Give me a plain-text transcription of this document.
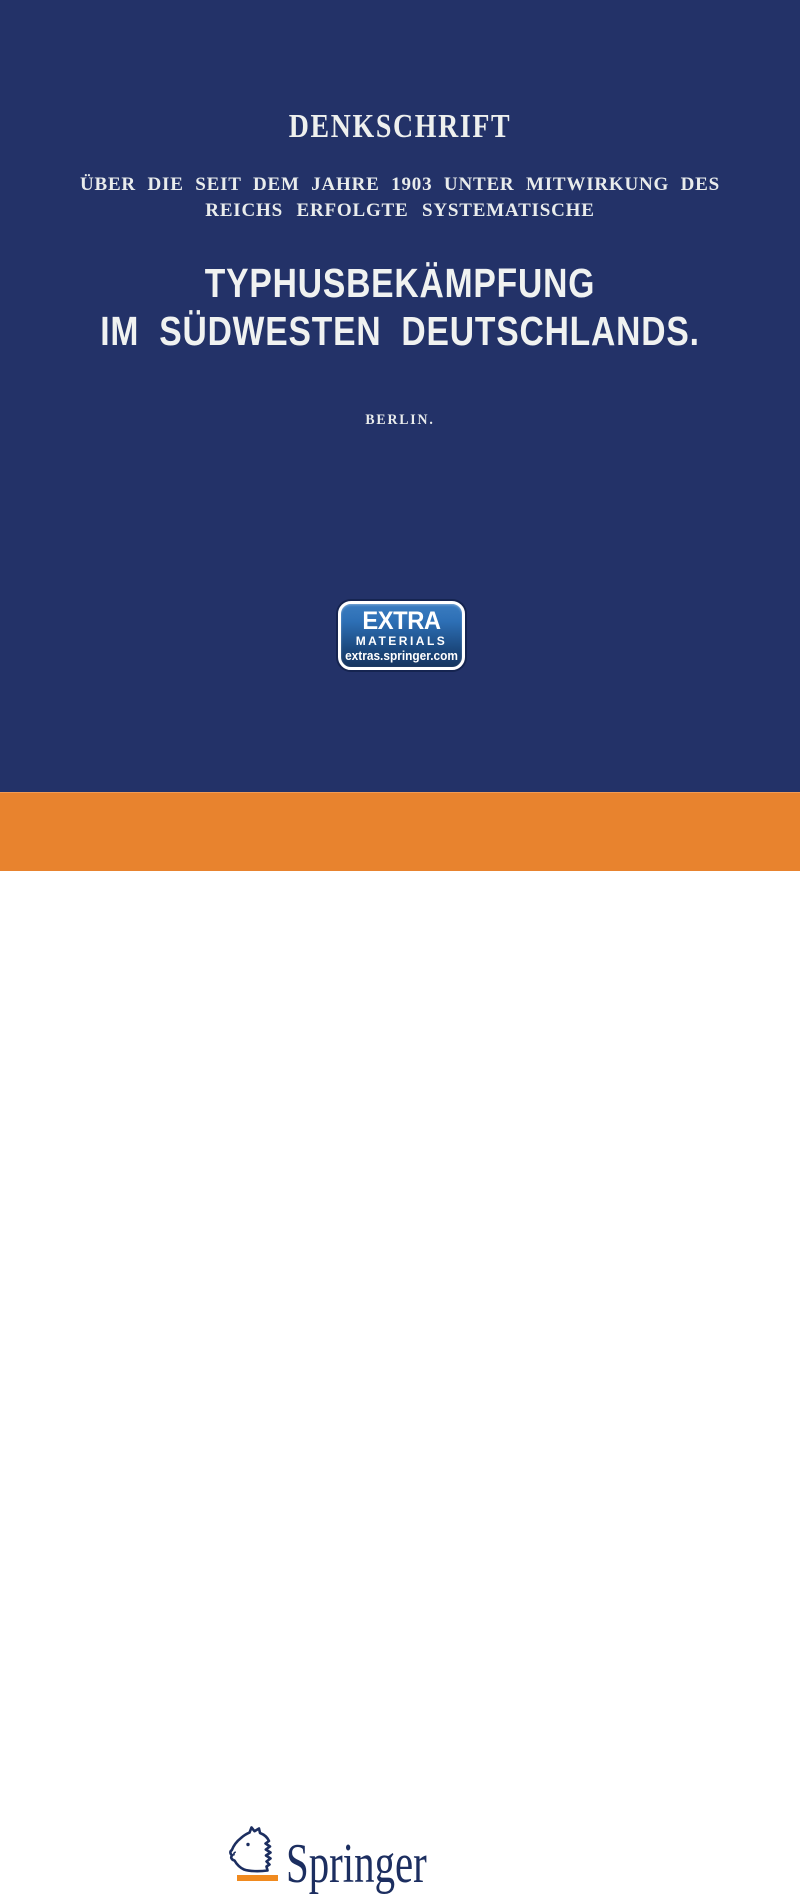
DENKSCHRIFT
ÜBER DIE SEIT DEM JAHRE 1903 UNTER MITWIRKUNG DES
REICHS ERFOLGTE SYSTEMATISCHE
TYPHUSBEKÄMPFUNG
IM SÜDWESTEN DEUTSCHLANDS.
BERLIN.
EXTRA
MATERIALS
extras.springer.com
Springer
